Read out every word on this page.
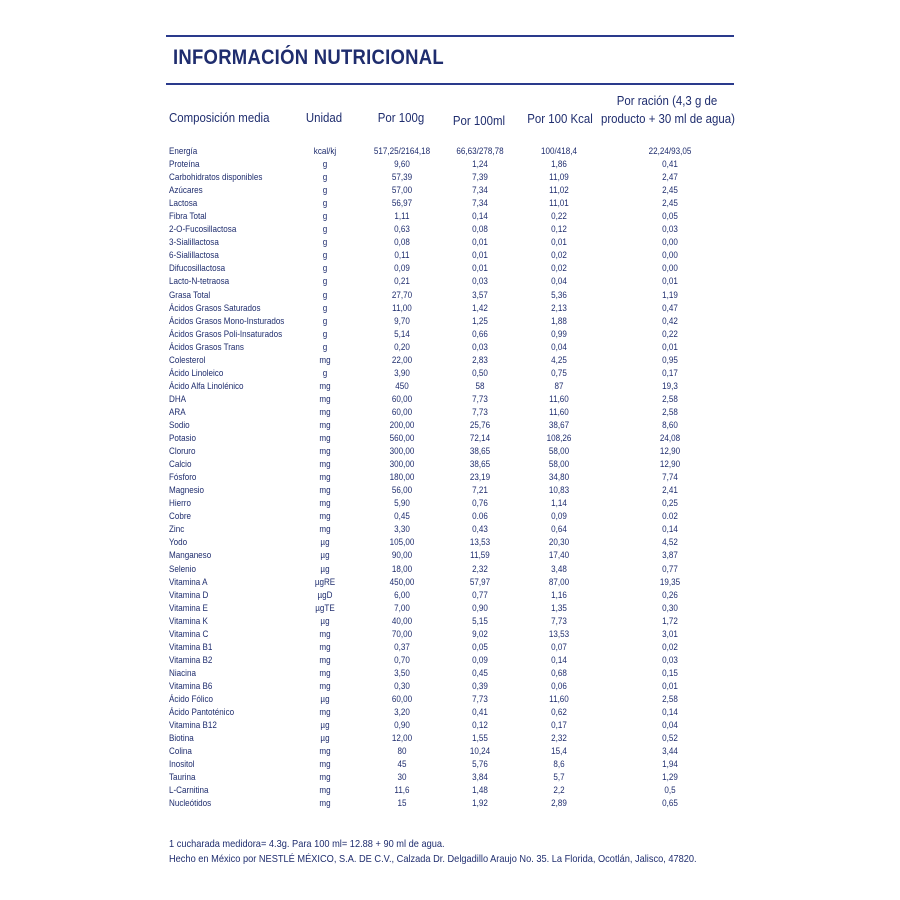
INFORMACIÓN NUTRICIONAL
Composición media	Unidad	Por 100g	Por 100ml	Por 100 Kcal
Por ración (4,3 g de
producto + 30 ml de agua)
Energía	kcal/kj	517,25/2164,18	66,63/278,78	100/418,4	22,24/93,05
Proteína	g	9,60	1,24	1,86	0,41
Carbohidratos disponibles	g	57,39	7,39	11,09	2,47
Azúcares	g	57,00	7,34	11,02	2,45
Lactosa	g	56,97	7,34	11,01	2,45
Fibra Total	g	1,11	0,14	0,22	0,05
2-O-Fucosillactosa	g	0,63	0,08	0,12	0,03
3-Sialillactosa	g	0,08	0,01	0,01	0,00
6-Sialillactosa	g	0,11	0,01	0,02	0,00
Difucosillactosa	g	0,09	0,01	0,02	0,00
Lacto-N-tetraosa	g	0,21	0,03	0,04	0,01
Grasa Total	g	27,70	3,57	5,36	1,19
Ácidos Grasos Saturados	g	11,00	1,42	2,13	0,47
Ácidos Grasos Mono-Insturados	g	9,70	1,25	1,88	0,42
Ácidos Grasos Poli-Insaturados	g	5,14	0,66	0,99	0,22
Ácidos Grasos Trans	g	0,20	0,03	0,04	0,01
Colesterol	mg	22,00	2,83	4,25	0,95
Ácido Linoleico	g	3,90	0,50	0,75	0,17
Ácido Alfa Linolénico	mg	450	58	87	19,3
DHA	mg	60,00	7,73	11,60	2,58
ARA	mg	60,00	7,73	11,60	2,58
Sodio	mg	200,00	25,76	38,67	8,60
Potasio	mg	560,00	72,14	108,26	24,08
Cloruro	mg	300,00	38,65	58,00	12,90
Calcio	mg	300,00	38,65	58,00	12,90
Fósforo	mg	180,00	23,19	34,80	7,74
Magnesio	mg	56,00	7,21	10,83	2,41
Hierro	mg	5,90	0,76	1,14	0,25
Cobre	mg	0,45	0.06	0,09	0.02
Zinc	mg	3,30	0,43	0,64	0,14
Yodo	µg	105,00	13,53	20,30	4,52
Manganeso	µg	90,00	11,59	17,40	3,87
Selenio	µg	18,00	2,32	3,48	0,77
Vitamina A	µgRE	450,00	57,97	87,00	19,35
Vitamina D	µgD	6,00	0,77	1,16	0,26
Vitamina E	µgTE	7,00	0,90	1,35	0,30
Vitamina K	µg	40,00	5,15	7,73	1,72
Vitamina C	mg	70,00	9,02	13,53	3,01
Vitamina B1	mg	0,37	0,05	0,07	0,02
Vitamina B2	mg	0,70	0,09	0,14	0,03
Niacina	mg	3,50	0,45	0,68	0,15
Vitamina B6	mg	0,30	0,39	0,06	0,01
Ácido Fólico	µg	60,00	7,73	11,60	2,58
Ácido Pantoténico	mg	3,20	0,41	0,62	0,14
Vitamina B12	µg	0,90	0,12	0,17	0,04
Biotina	µg	12,00	1,55	2,32	0,52
Colina	mg	80	10,24	15,4	3,44
Inositol	mg	45	5,76	8,6	1,94
Taurina	mg	30	3,84	5,7	1,29
L-Carnitina	mg	11,6	1,48	2,2	0,5
Nucleótidos	mg	15	1,92	2,89	0,65
1 cucharada medidora= 4.3g. Para 100 ml= 12.88 + 90 ml de agua.
Hecho en México por NESTLÉ MÉXICO, S.A. DE C.V., Calzada Dr. Delgadillo Araujo No. 35. La Florida, Ocotlán, Jalisco, 47820.
